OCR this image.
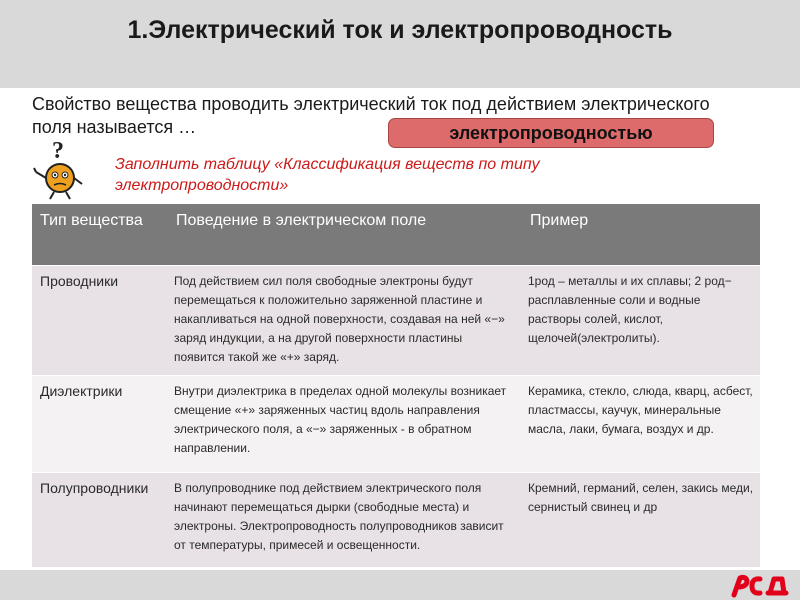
1.Электрический ток и электропроводность
Свойство вещества проводить электрический ток под действием электрического поля называется …	электропроводностью
?
Заполнить таблицу «Классификация веществ по типу электропроводности»
Тип вещества	Поведение в электрическом поле	Пример
Проводники	Под действием сил поля свободные электроны будут перемещаться к положительно заряженной пластине и накапливаться на одной поверхности, создавая на ней «−» заряд индукции, а на другой поверхности пластины появится такой же «+» заряд.	1род – металлы и их сплавы; 2 род− расплавленные соли и водные растворы солей, кислот, щелочей(электролиты).
Диэлектрики	Внутри диэлектрика в пределах одной молекулы возникает смещение «+» заряженных частиц вдоль направления электрического поля, а «−» заряженных - в обратном направлении.	Керамика, стекло, слюда, кварц, асбест, пластмассы, каучук, минеральные масла, лаки, бумага, воздух и др.
Полупроводники	В полупроводнике под действием электрического поля начинают перемещаться дырки (свободные места) и электроны. Электропроводность полупроводников зависит от температуры, примесей и освещенности.	Кремний, германий, селен, закись меди, сернистый свинец и др
